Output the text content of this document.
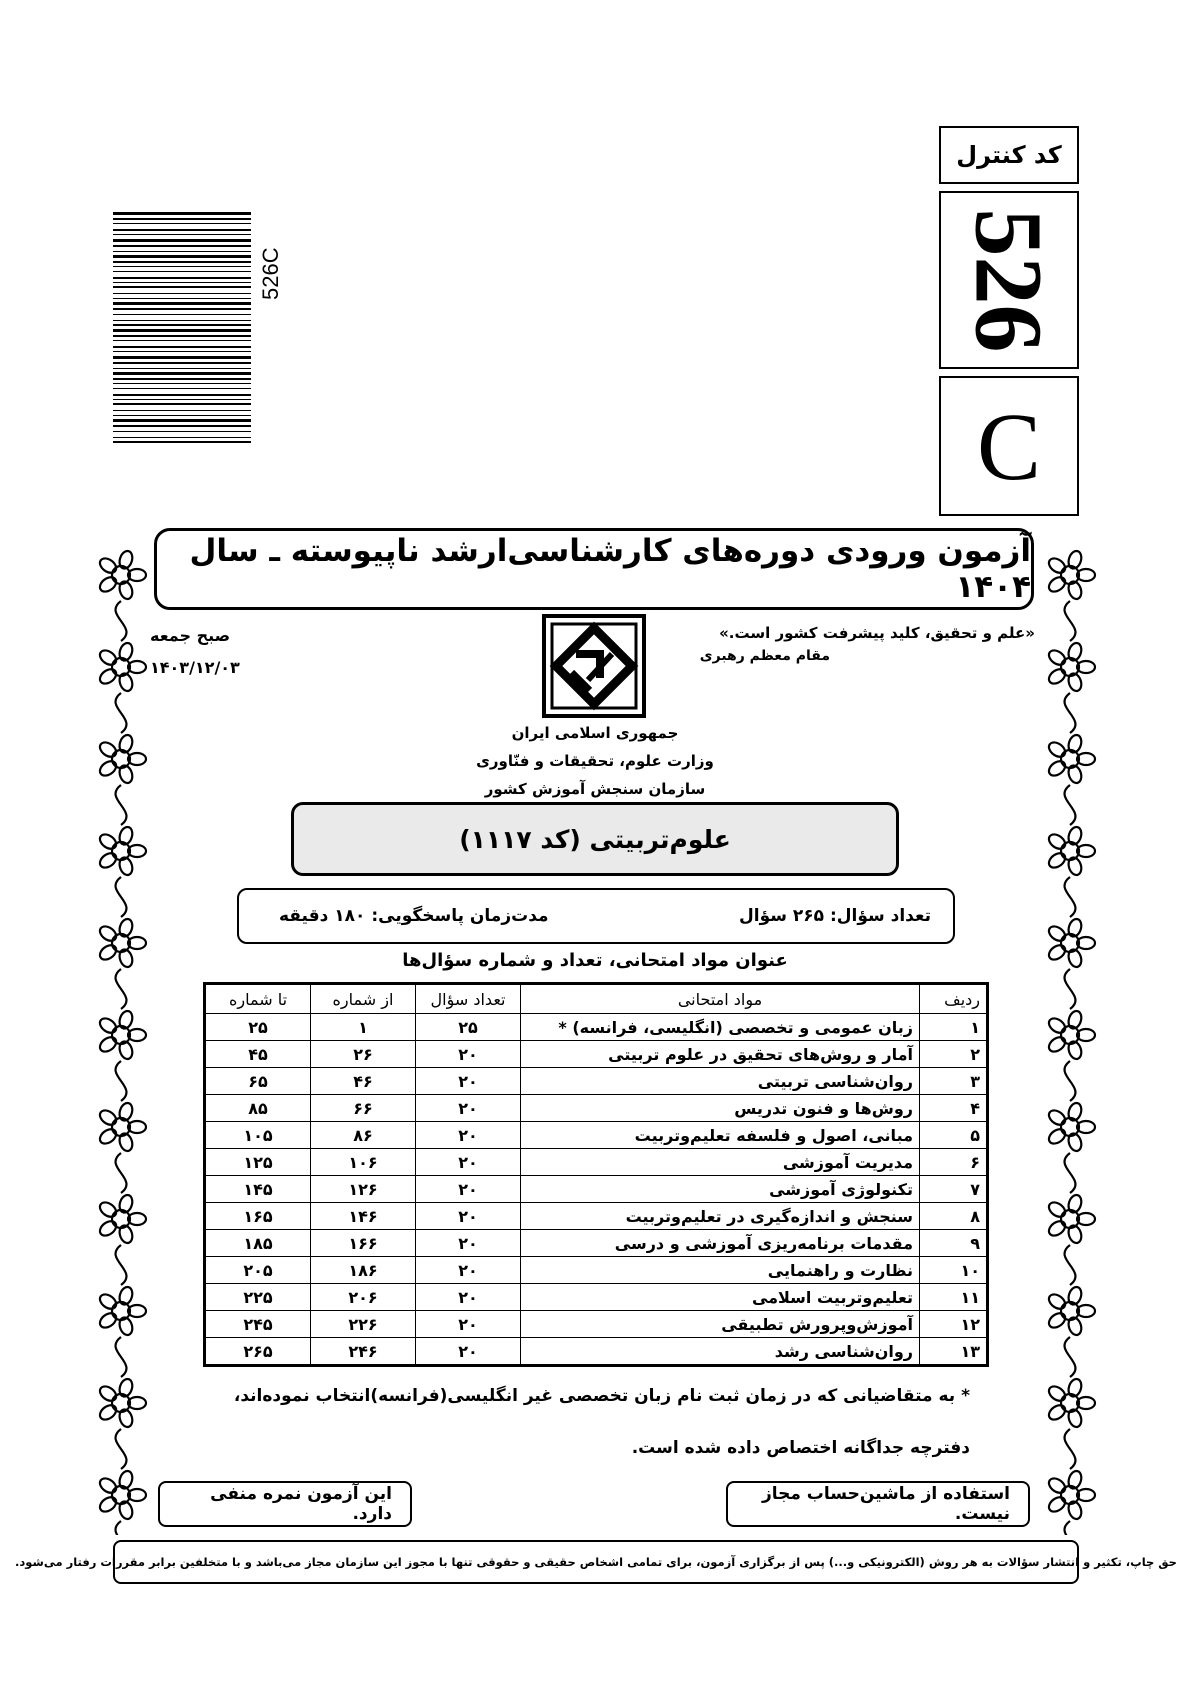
526C
کد کنترل
526
C
آزمون ورودی دوره‌های کارشناسی‌ارشد ناپیوسته ـ سال ۱۴۰۴
«علم و تحقیق، کلید پیشرفت کشور است.»
مقام معظم رهبری
صبح جمعه
۱۴۰۳/۱۲/۰۳
جمهوری اسلامی ایران
وزارت علوم، تحقیقات و فنّاوری
سازمان سنجش آموزش کشور
علوم‌تربیتی (کد ۱۱۱۷)
تعداد سؤال: ۲۶۵ سؤال
مدت‌زمان پاسخگویی: ۱۸۰ دقیقه
عنوان مواد امتحانی، تعداد و شماره سؤال‌ها
ردیف	مواد امتحانی	تعداد سؤال	از شماره	تا شماره
۱	زبان عمومی و تخصصی (انگلیسی، فرانسه) *	۲۵	۱	۲۵
۲	آمار و روش‌های تحقیق در علوم تربیتی	۲۰	۲۶	۴۵
۳	روان‌شناسی تربیتی	۲۰	۴۶	۶۵
۴	روش‌ها و فنون تدریس	۲۰	۶۶	۸۵
۵	مبانی، اصول و فلسفه تعلیم‌وتربیت	۲۰	۸۶	۱۰۵
۶	مدیریت آموزشی	۲۰	۱۰۶	۱۲۵
۷	تکنولوژی آموزشی	۲۰	۱۲۶	۱۴۵
۸	سنجش و اندازه‌گیری در تعلیم‌وتربیت	۲۰	۱۴۶	۱۶۵
۹	مقدمات برنامه‌ریزی آموزشی و درسی	۲۰	۱۶۶	۱۸۵
۱۰	نظارت و راهنمایی	۲۰	۱۸۶	۲۰۵
۱۱	تعلیم‌وتربیت اسلامی	۲۰	۲۰۶	۲۲۵
۱۲	آموزش‌وپرورش تطبیقی	۲۰	۲۲۶	۲۴۵
۱۳	روان‌شناسی رشد	۲۰	۲۴۶	۲۶۵
* به متقاضیانی که در زمان ثبت نام زبان تخصصی غیر انگلیسی(فرانسه)انتخاب نموده‌اند، دفترچه جداگانه اختصاص داده شده است.
استفاده از ماشین‌حساب مجاز نیست.
این آزمون نمره منفی دارد.
حق چاپ، تکثیر و انتشار سؤالات به هر روش (الکترونیکی و...) پس از برگزاری آزمون، برای تمامی اشخاص حقیقی و حقوقی تنها با مجوز این سازمان مجاز می‌باشد و با متخلفین برابر مقررات رفتار می‌شود.
